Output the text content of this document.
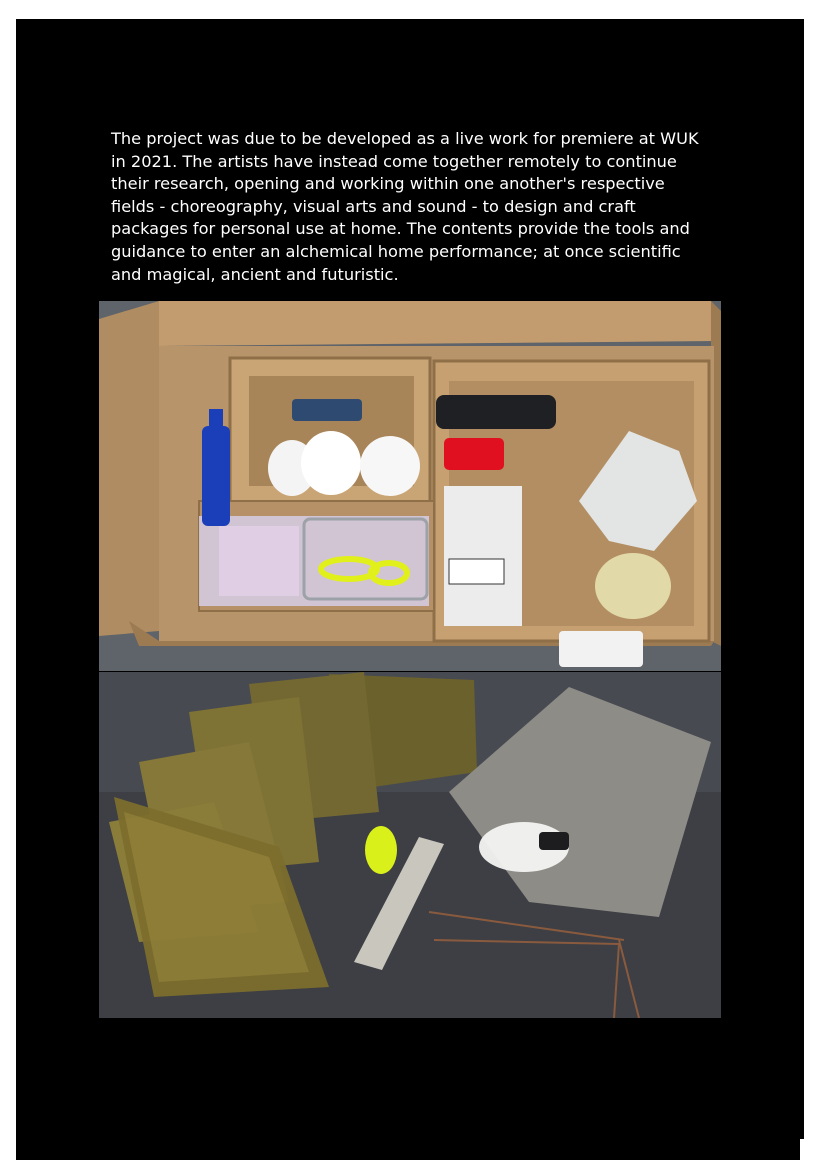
The project was due to be developed as a live work for premiere at WUK in 2021. The artists have instead come together remotely to continue their research, opening and working within one another's respective fields - choreography, visual arts and sound - to design and craft packages for personal use at home. The contents provide the tools and guidance to enter an alchemical home performance; at once scientific and magical, ancient and futuristic.
